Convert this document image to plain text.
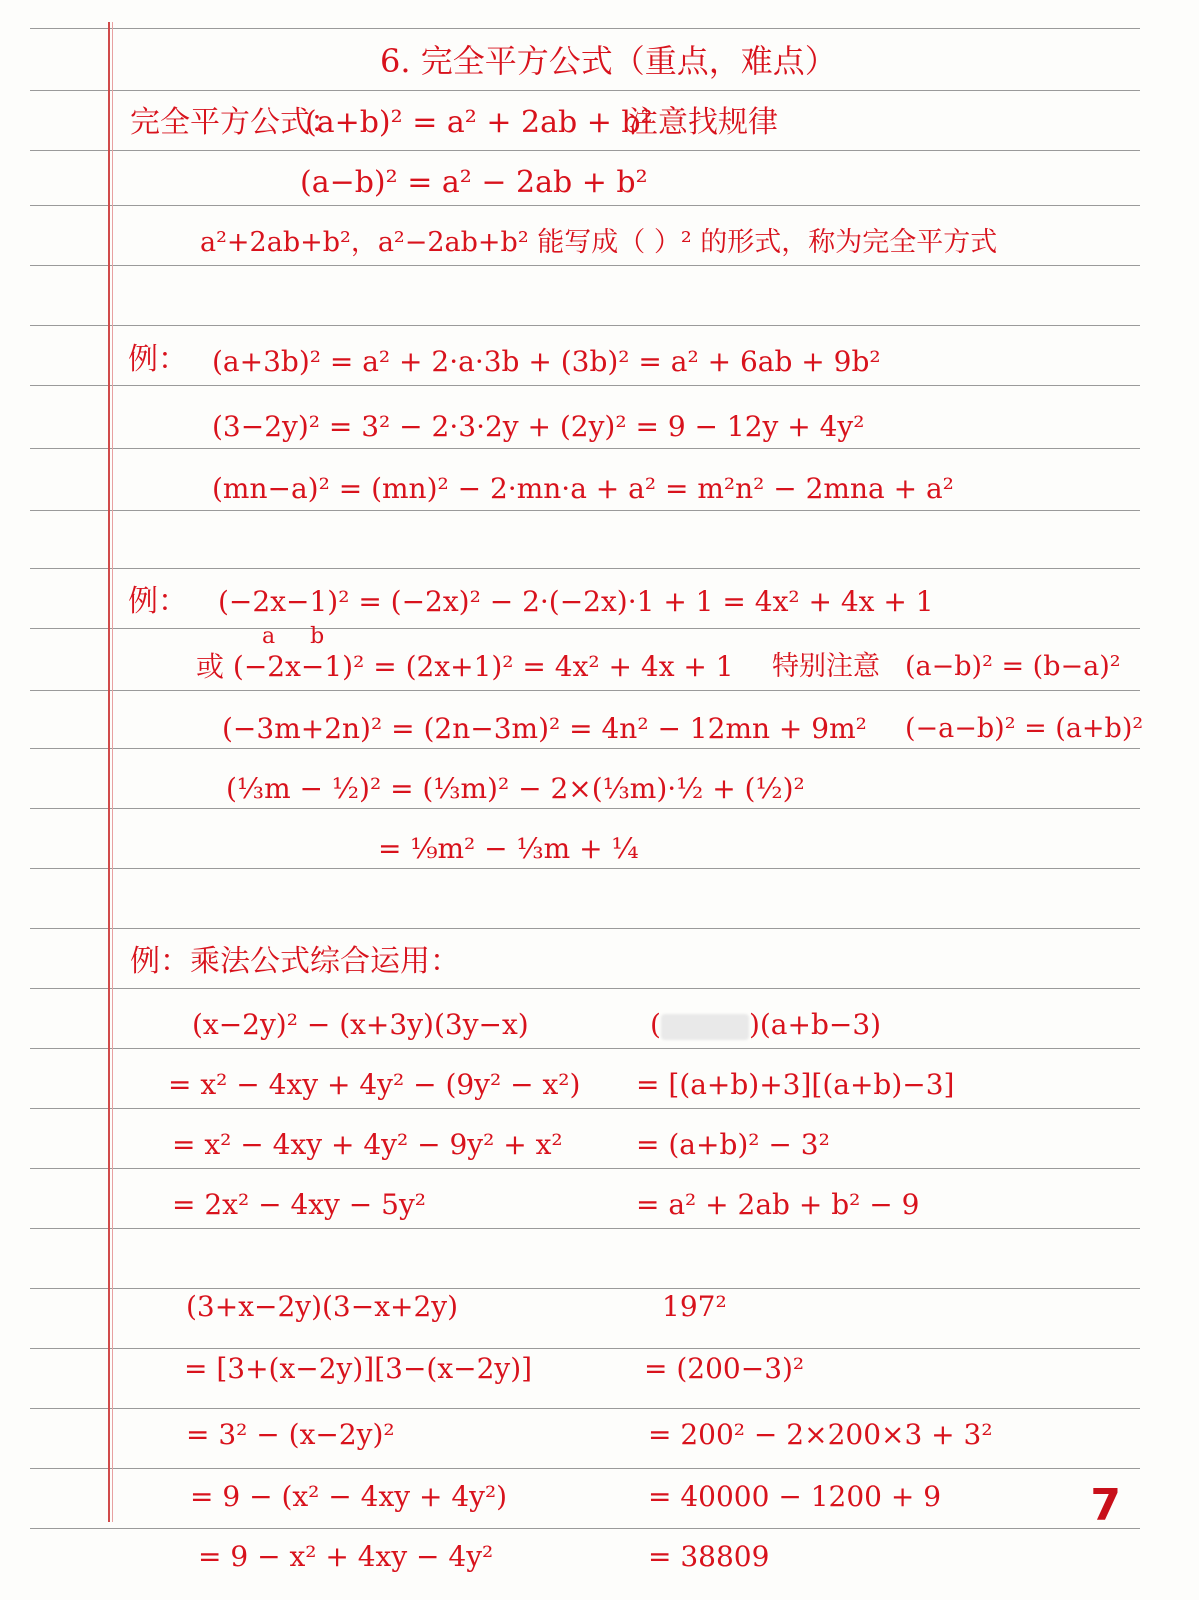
6. 完全平方公式（重点，难点）
完全平方公式：
(a+b)² = a² + 2ab + b²
注意找规律
(a−b)² = a² − 2ab + b²
a²+2ab+b²，a²−2ab+b² 能写成（ ）² 的形式，称为完全平方式
例： (a+3b)² = a² + 2·a·3b + (3b)² = a² + 6ab + 9b²
(3−2y)² = 3² − 2·3·2y + (2y)² = 9 − 12y + 4y²
(mn−a)² = (mn)² − 2·mn·a + a² = m²n² − 2mna + a²
例： (−2x−1)² = (−2x)² − 2·(−2x)·1 + 1 = 4x² + 4x + 1
a     b
或 (−2x−1)² = (2x+1)² = 4x² + 4x + 1 特别注意 (a−b)² = (b−a)²
(−3m+2n)² = (2n−3m)² = 4n² − 12mn + 9m² (−a−b)² = (a+b)²
(⅓m − ½)² = (⅓m)² − 2×(⅓m)·½ + (½)²
= ⅑m² − ⅓m + ¼
例：乘法公式综合运用：
(x−2y)² − (x+3y)(3y−x)
= x² − 4xy + 4y² − (9y² − x²)
= x² − 4xy + 4y² − 9y² + x²
= 2x² − 4xy − 5y²
(	)(a+b−3)
= [(a+b)+3][(a+b)−3]
= (a+b)² − 3²
= a² + 2ab + b² − 9
(3+x−2y)(3−x+2y)
= [3+(x−2y)][3−(x−2y)]
= 3² − (x−2y)²
= 9 − (x² − 4xy + 4y²)
= 9 − x² + 4xy − 4y²
197²
= (200−3)²
= 200² − 2×200×3 + 3²
= 40000 − 1200 + 9
= 38809
7
